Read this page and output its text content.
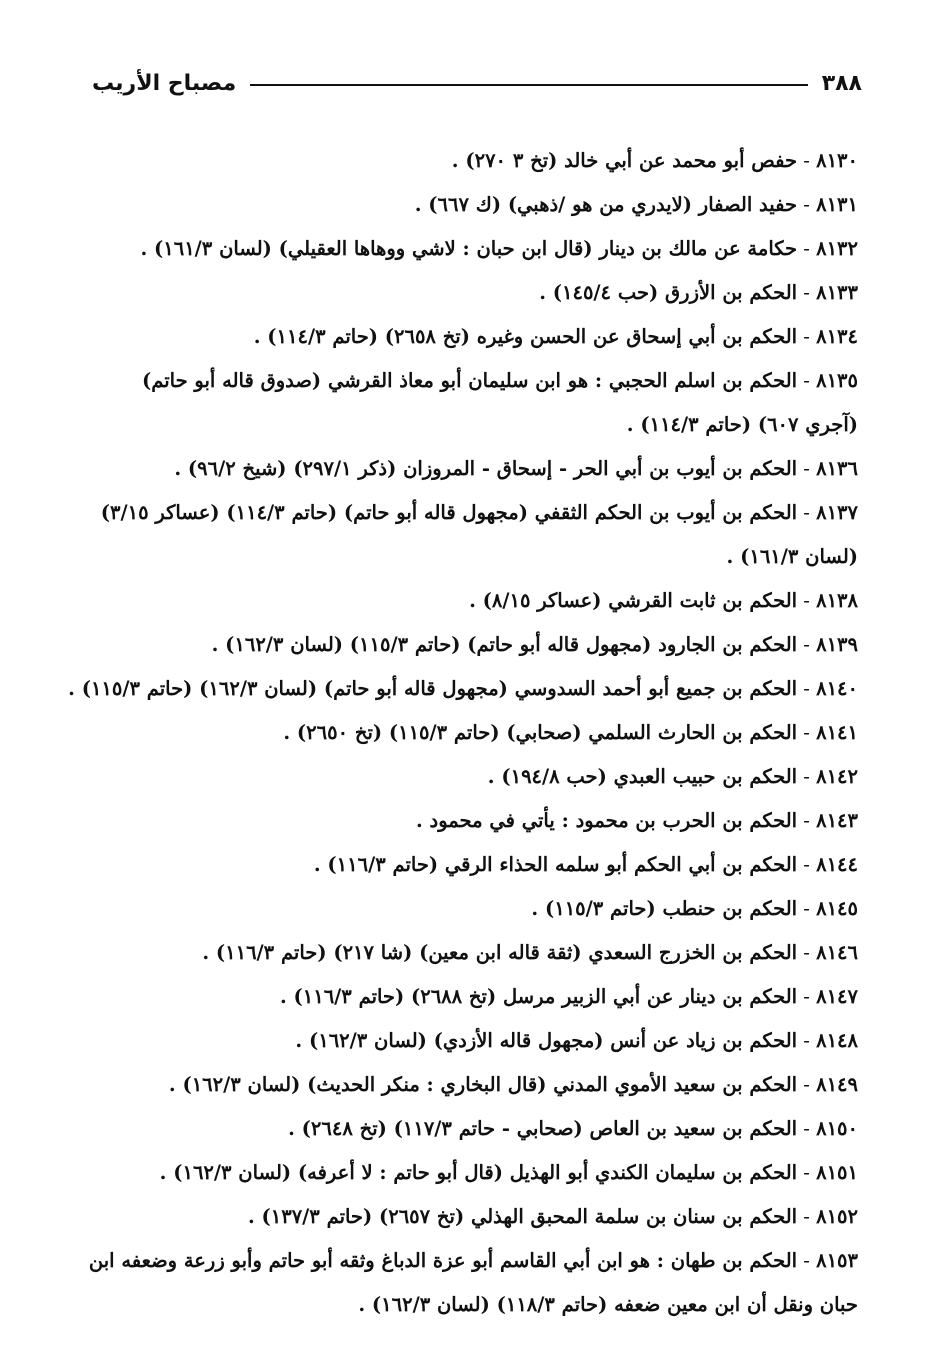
٣٨٨
مصباح الأريب
٨١٣٠ - حفص أبو محمد عن أبي خالد (تخ ٣ ٢٧٠) .
٨١٣١ - حفيد الصفار (لايدري من هو /ذهبي) (ك ٦٦٧) .
٨١٣٢ - حكامة عن مالك بن دينار (قال ابن حبان : لاشي ووهاها العقيلي) (لسان ١٦١/٣) .
٨١٣٣ - الحكم بن الأزرق (حب ١٤٥/٤) .
٨١٣٤ - الحكم بن أبي إسحاق عن الحسن وغيره (تخ ٢٦٥٨) (حاتم ١١٤/٣) .
٨١٣٥ - الحكم بن اسلم الحجبي : هو ابن سليمان أبو معاذ القرشي (صدوق قاله أبو حاتم) (آجري ٦٠٧) (حاتم ١١٤/٣) .
٨١٣٦ - الحكم بن أيوب بن أبي الحر - إسحاق - المروزان (ذكر ٢٩٧/١) (شيخ ٩٦/٢) .
٨١٣٧ - الحكم بن أيوب بن الحكم الثقفي (مجهول قاله أبو حاتم) (حاتم ١١٤/٣) (عساكر ٣/١٥) (لسان ١٦١/٣) .
٨١٣٨ - الحكم بن ثابت القرشي (عساكر ٨/١٥) .
٨١٣٩ - الحكم بن الجارود (مجهول قاله أبو حاتم) (حاتم ١١٥/٣) (لسان ١٦٢/٣) .
٨١٤٠ - الحكم بن جميع أبو أحمد السدوسي (مجهول قاله أبو حاتم) (لسان ١٦٢/٣) (حاتم ١١٥/٣) .
٨١٤١ - الحكم بن الحارث السلمي (صحابي) (حاتم ١١٥/٣) (تخ ٢٦٥٠) .
٨١٤٢ - الحكم بن حبيب العبدي (حب ١٩٤/٨) .
٨١٤٣ - الحكم بن الحرب بن محمود : يأتي في محمود .
٨١٤٤ - الحكم بن أبي الحكم أبو سلمه الحذاء الرقي (حاتم ١١٦/٣) .
٨١٤٥ - الحكم بن حنطب (حاتم ١١٥/٣) .
٨١٤٦ - الحكم بن الخزرج السعدي (ثقة قاله ابن معين) (شا ٢١٧) (حاتم ١١٦/٣) .
٨١٤٧ - الحكم بن دينار عن أبي الزبير مرسل (تخ ٢٦٨٨) (حاتم ١١٦/٣) .
٨١٤٨ - الحكم بن زياد عن أنس (مجهول قاله الأزدي) (لسان ١٦٢/٣) .
٨١٤٩ - الحكم بن سعيد الأموي المدني (قال البخاري : منكر الحديث) (لسان ١٦٢/٣) .
٨١٥٠ - الحكم بن سعيد بن العاص (صحابي - حاتم ١١٧/٣) (تخ ٢٦٤٨) .
٨١٥١ - الحكم بن سليمان الكندي أبو الهذيل (قال أبو حاتم : لا أعرفه) (لسان ١٦٢/٣) .
٨١٥٢ - الحكم بن سنان بن سلمة المحبق الهذلي (تخ ٢٦٥٧) (حاتم ١٣٧/٣) .
٨١٥٣ - الحكم بن طهان : هو ابن أبي القاسم أبو عزة الدباغ وثقه أبو حاتم وأبو زرعة وضعفه ابن حبان ونقل أن ابن معين ضعفه (حاتم ١١٨/٣) (لسان ١٦٢/٣) .
